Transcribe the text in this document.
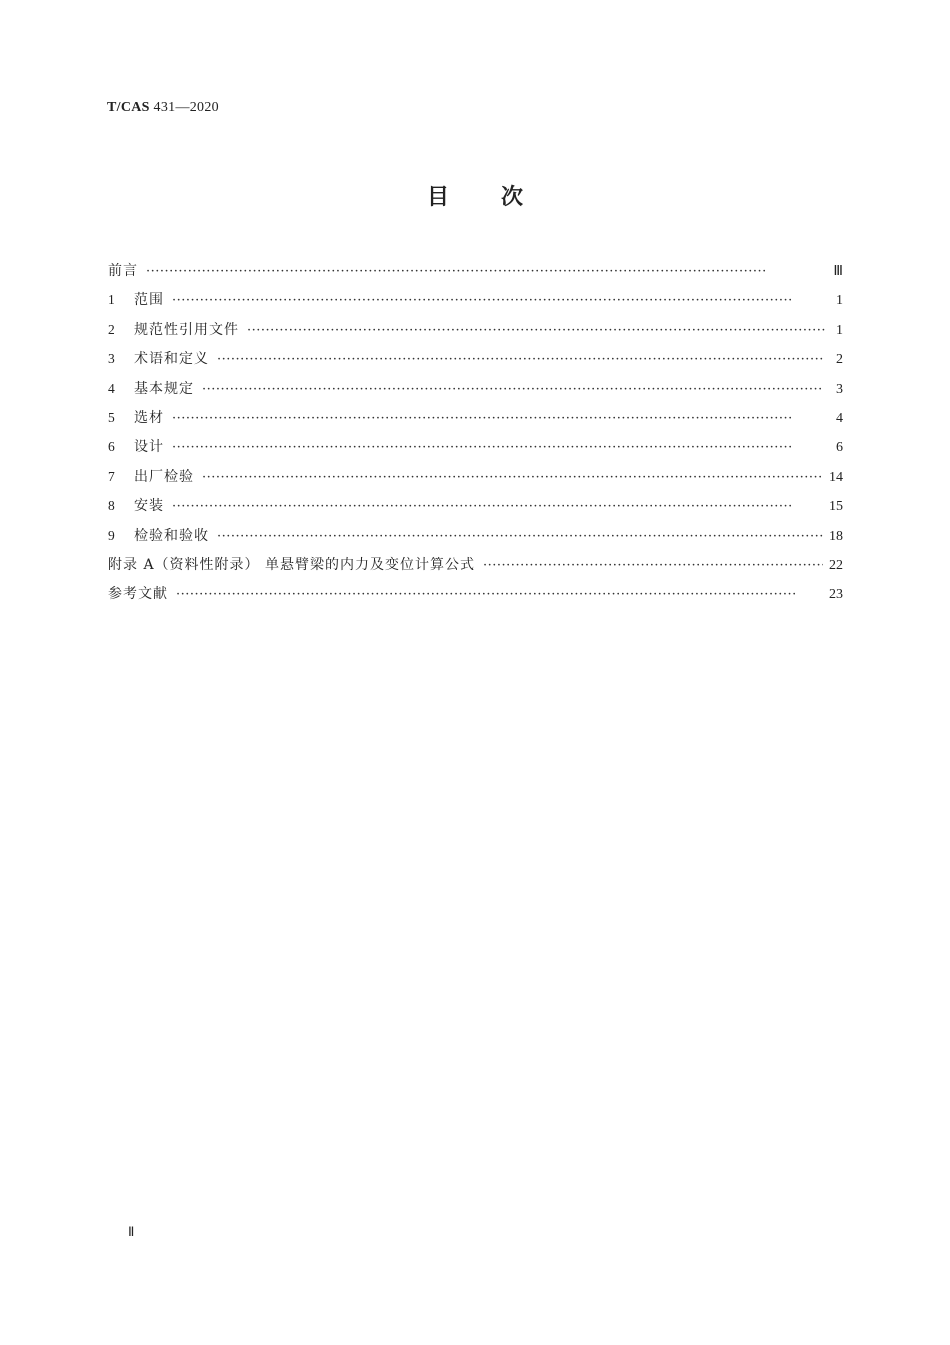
T/CAS 431—2020
目 次
前言 ·····	Ⅲ
1	范围 ·····	1
2	规范性引用文件 ·····	1
3	术语和定义 ·····	2
4	基本规定 ·····	3
5	选材 ·····	4
6	设计 ·····	6
7	出厂检验 ·····	14
8	安装 ·····	15
9	检验和验收 ·····	18
附录 A（资料性附录） 单悬臂梁的内力及变位计算公式 ·····	22
参考文献 ·····	23
Ⅱ
